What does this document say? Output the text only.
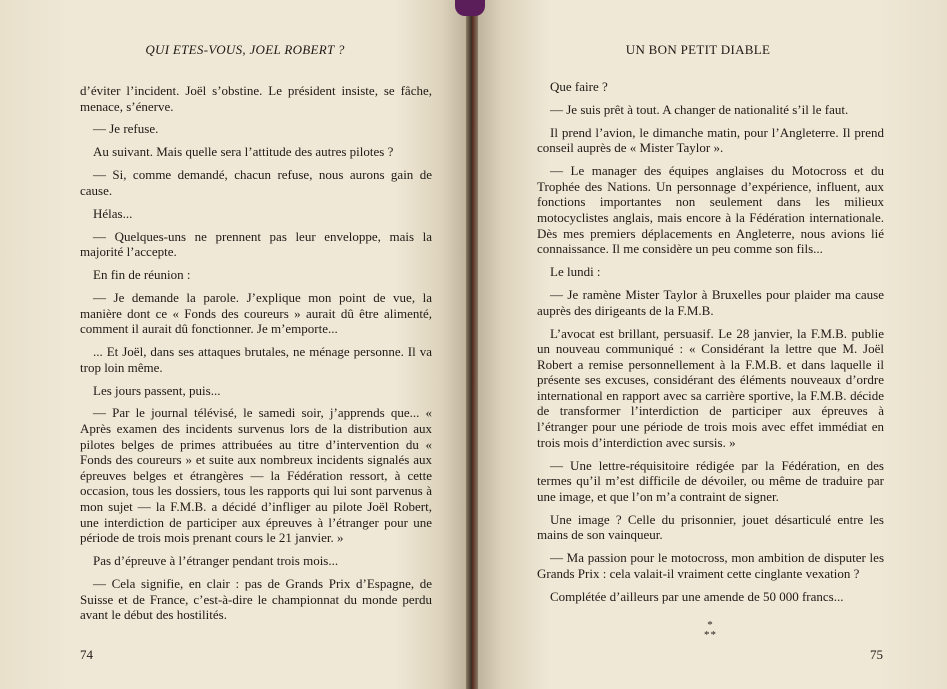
QUI ETES-VOUS, JOEL ROBERT ?

d’éviter l’incident. Joël s’obstine. Le président insiste, se fâche, menace, s’énerve.

— Je refuse.

Au suivant. Mais quelle sera l’attitude des autres pilotes ?

— Si, comme demandé, chacun refuse, nous aurons gain de cause.

Hélas...

— Quelques-uns ne prennent pas leur enveloppe, mais la majorité l’accepte.

En fin de réunion :

— Je demande la parole. J’explique mon point de vue, la manière dont ce « Fonds des coureurs » aurait dû être alimenté, comment il aurait dû fonctionner. Je m’emporte...

... Et Joël, dans ses attaques brutales, ne ménage personne. Il va trop loin même.

Les jours passent, puis...

— Par le journal télévisé, le samedi soir, j’apprends que... « Après examen des incidents survenus lors de la distribution aux pilotes belges de primes attribuées au titre d’intervention du « Fonds des coureurs » et suite aux nombreux incidents signalés aux épreuves belges et étrangères — la Fédération ressort, à cette occasion, tous les dossiers, tous les rapports qui lui sont parvenus à mon sujet — la F.M.B. a décidé d’infliger au pilote Joël Robert, une interdiction de participer aux épreuves à l’étranger pour une période de trois mois prenant cours le 21 janvier. »

Pas d’épreuve à l’étranger pendant trois mois...

— Cela signifie, en clair : pas de Grands Prix d’Espagne, de Suisse et de France, c’est-à-dire le championnat du monde perdu avant le début des hostilités.

74
UN BON PETIT DIABLE

Que faire ?

— Je suis prêt à tout. A changer de nationalité s’il le faut.

Il prend l’avion, le dimanche matin, pour l’Angleterre. Il prend conseil auprès de « Mister Taylor ».

— Le manager des équipes anglaises du Motocross et du Trophée des Nations. Un personnage d’expérience, influent, aux fonctions importantes non seulement dans les milieux motocyclistes anglais, mais encore à la Fédération internationale. Dès mes premiers déplacements en Angleterre, nous avions lié connaissance. Il me considère un peu comme son fils...

Le lundi :

— Je ramène Mister Taylor à Bruxelles pour plaider ma cause auprès des dirigeants de la F.M.B.

L’avocat est brillant, persuasif. Le 28 janvier, la F.M.B. publie un nouveau communiqué : « Considérant la lettre que M. Joël Robert a remise personnellement à la F.M.B. et dans laquelle il présente ses excuses, considérant des éléments nouveaux d’ordre international en rapport avec sa carrière sportive, la F.M.B. décide de transformer l’interdiction de participer aux épreuves à l’étranger pour une période de trois mois avec effet immédiat en trois mois d’interdiction avec sursis. »

— Une lettre-réquisitoire rédigée par la Fédération, en des termes qu’il m’est difficile de dévoiler, ou même de traduire par une image, et que l’on m’a contraint de signer.

Une image ? Celle du prisonnier, jouet désarticulé entre les mains de son vainqueur.

— Ma passion pour le motocross, mon ambition de disputer les Grands Prix : cela valait-il vraiment cette cinglante vexation ?

Complétée d’ailleurs par une amende de 50 000 francs...

*
**
75
